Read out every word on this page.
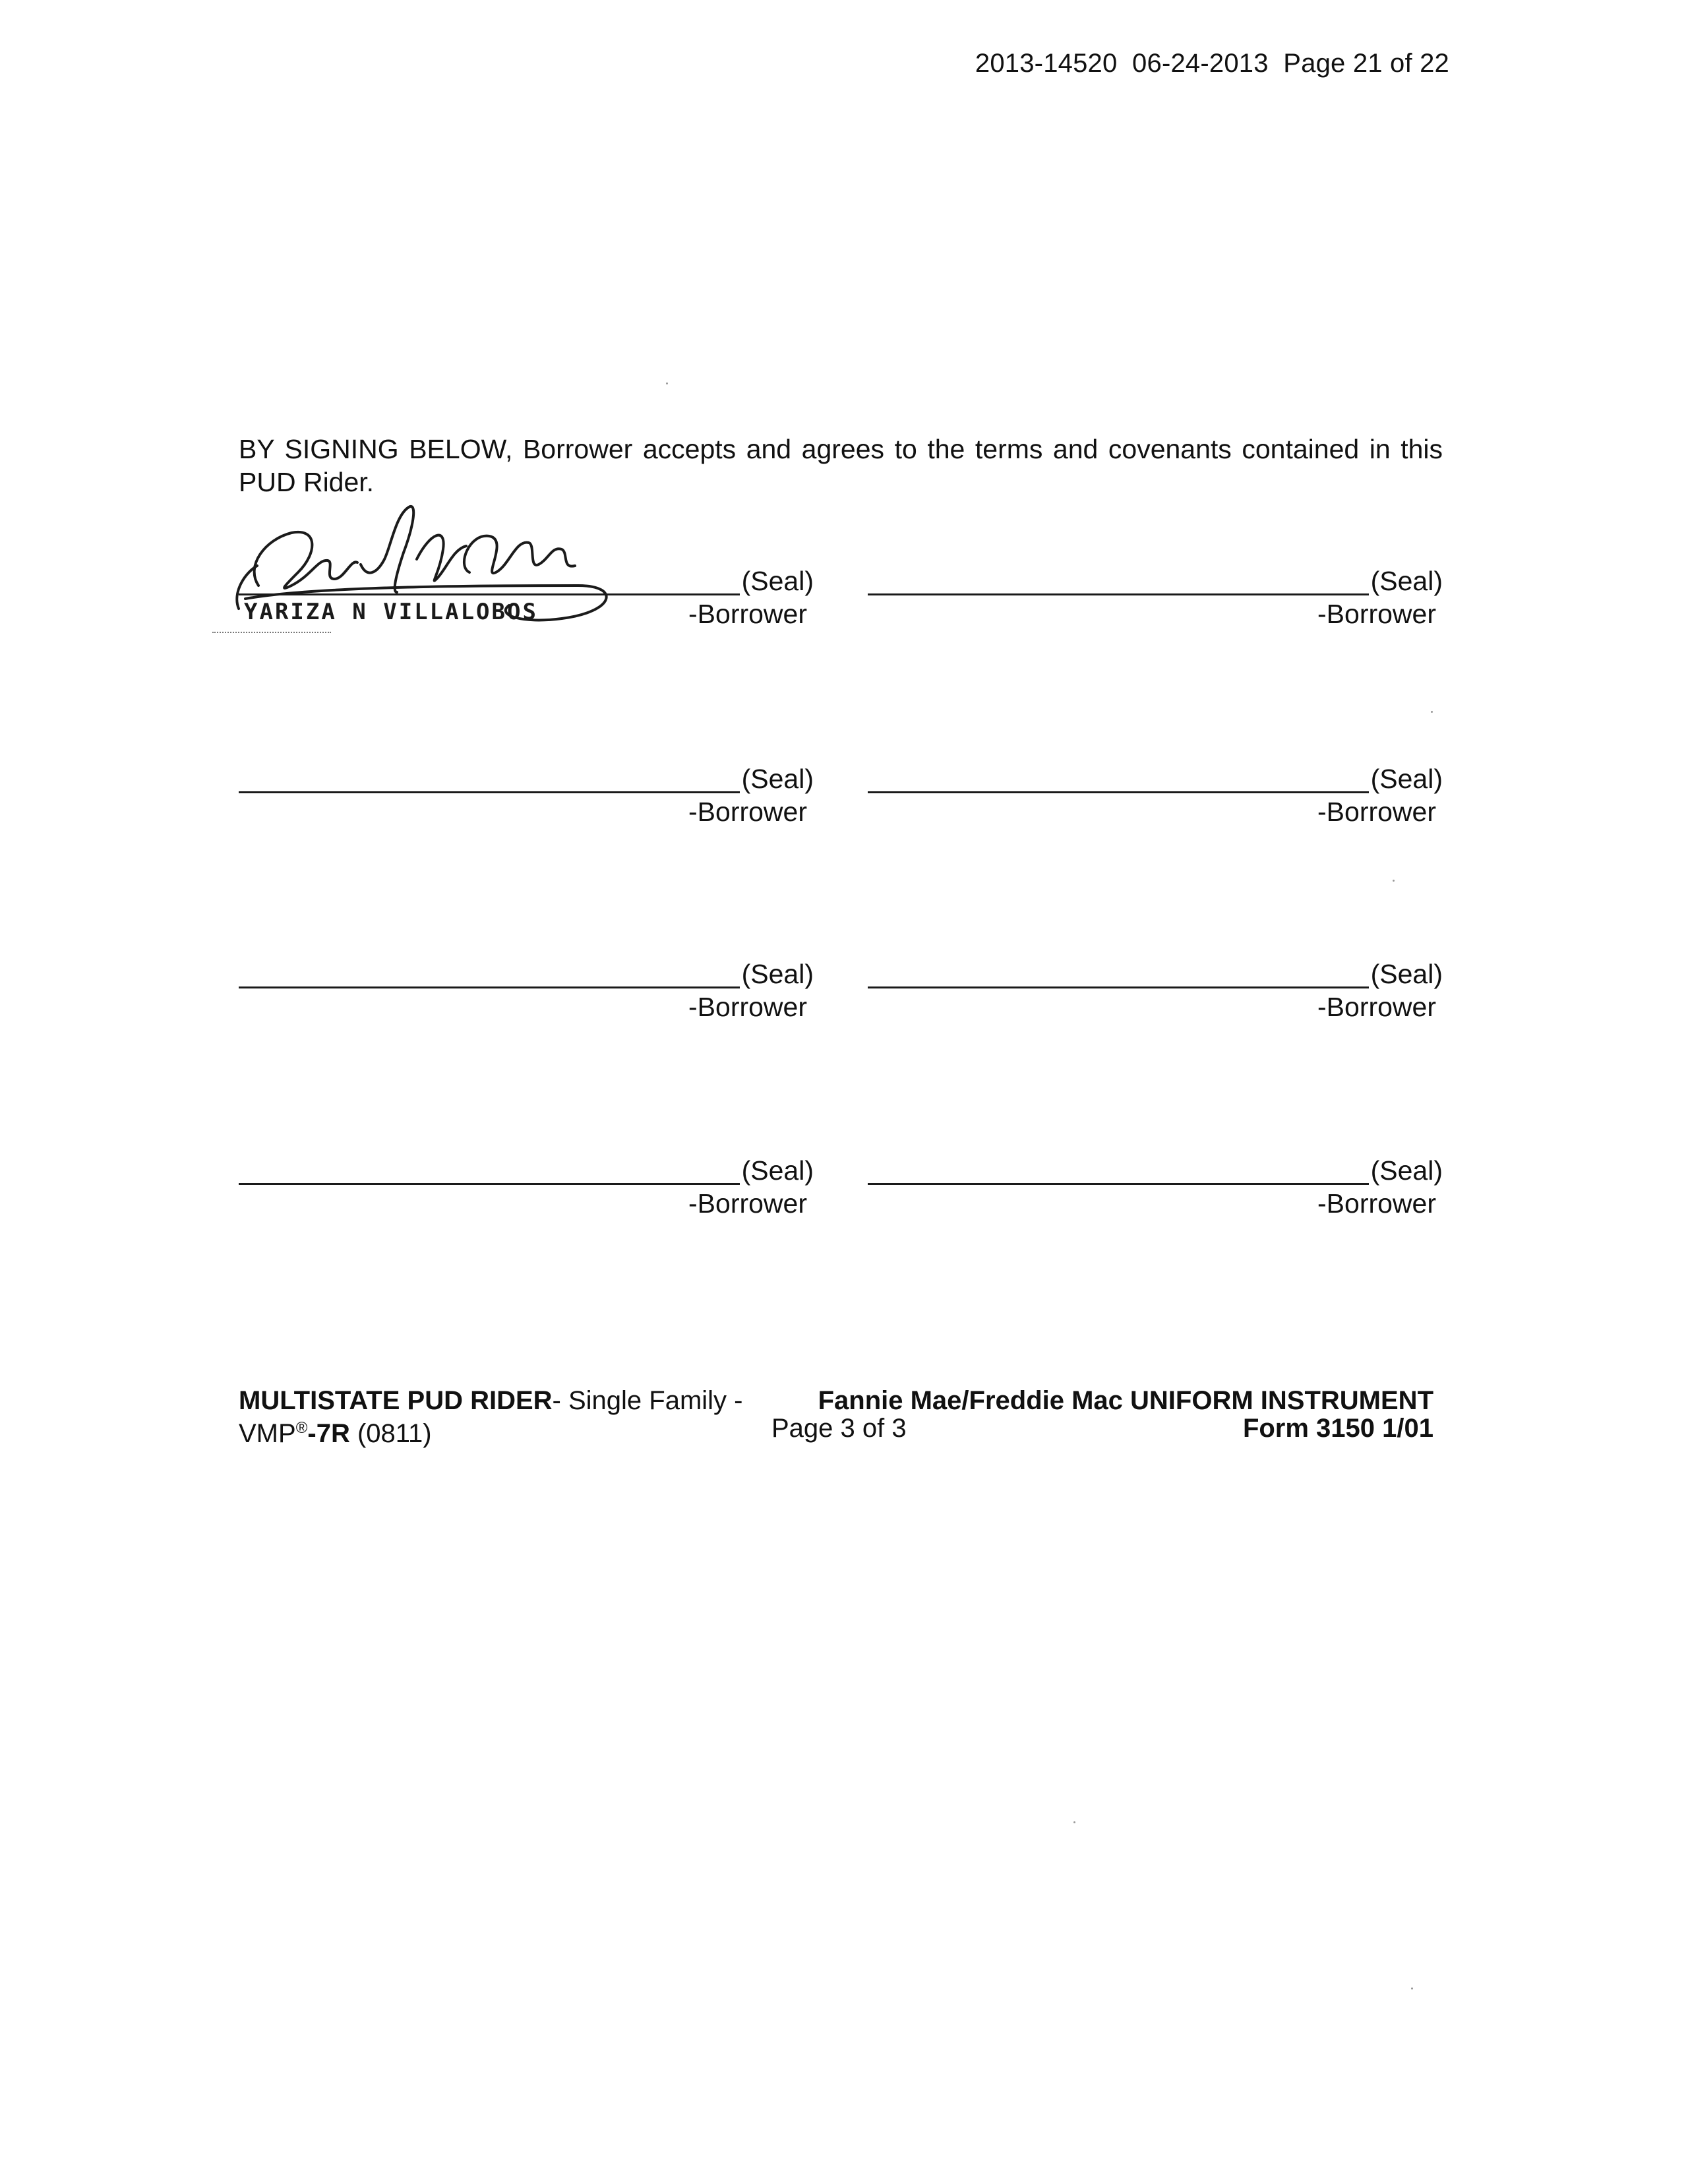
2013-14520  06-24-2013  Page 21 of 22
BY SIGNING BELOW, Borrower accepts and agrees to the terms and covenants contained in this PUD Rider.
(Seal)
-Borrower
YARIZA N VILLALOBOS
(Seal)
-Borrower
(Seal)
-Borrower
(Seal)
-Borrower
(Seal)
-Borrower
(Seal)
-Borrower
(Seal)
-Borrower
(Seal)
-Borrower
MULTISTATE PUD RIDER- Single Family -	Fannie Mae/Freddie Mac UNIFORM INSTRUMENT
VMP®-7R (0811)	Page 3 of 3	Form 3150 1/01
